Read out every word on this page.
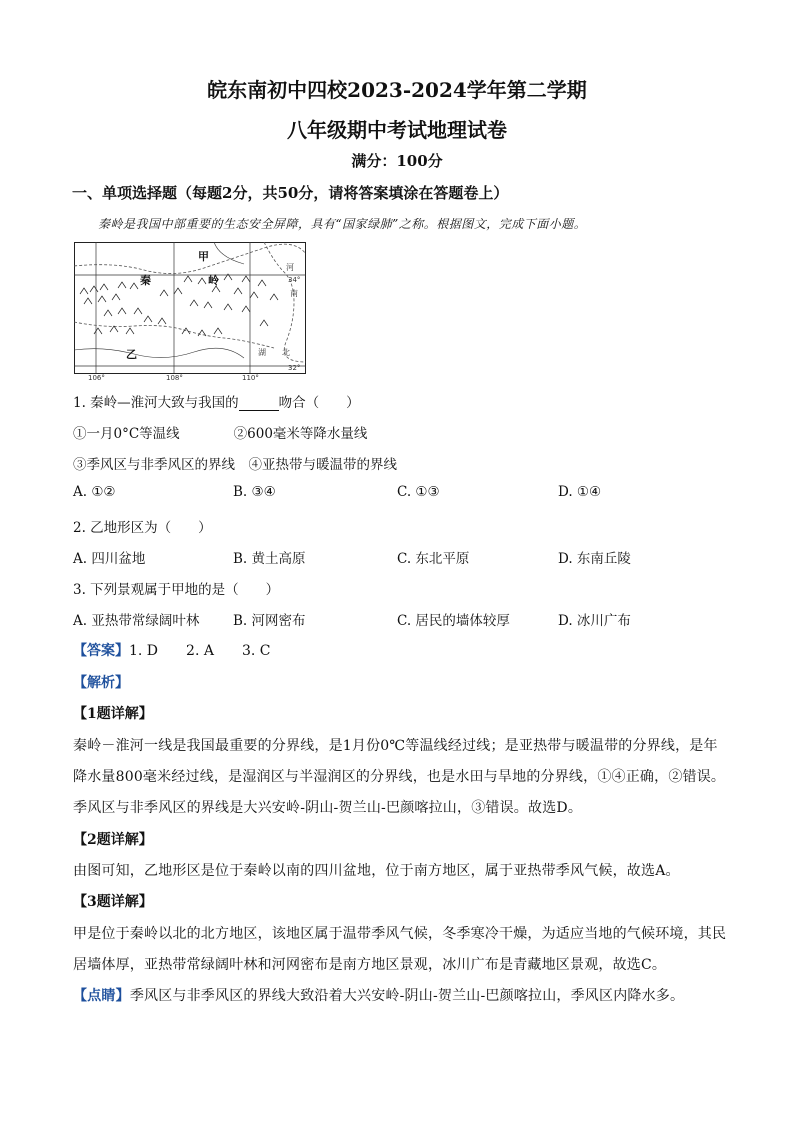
皖东南初中四校2023-2024学年第二学期
八年级期中考试地理试卷
满分：100分
一、单项选择题（每题2分，共50分，请将答案填涂在答题卷上）
秦岭是我国中部重要的生态安全屏障，具有“国家绿肺”之称。根据图文，完成下面小题。
甲
秦	岭
乙
河
南
湖 北
34°
32°
106°	108°	110°
1. 秦岭—淮河大致与我国的	吻合（　　）
①一月0°C等温线　　　　②600毫米等降水量线
③季风区与非季风区的界线　④亚热带与暖温带的界线
A. ①②	B. ③④	C. ①③	D. ①④
2. 乙地形区为（　　）
A. 四川盆地	B. 黄土高原	C. 东北平原	D. 东南丘陵
3. 下列景观属于甲地的是（　　）
A. 亚热带常绿阔叶林 B. 河网密布	C. 居民的墙体较厚	D. 冰川广布
【答案】1. D　　2. A　　3. C
【解析】
【1题详解】
秦岭－淮河一线是我国最重要的分界线，是1月份0℃等温线经过线；是亚热带与暖温带的分界线，是年
降水量800毫米经过线，是湿润区与半湿润区的分界线，也是水田与旱地的分界线，①④正确，②错误。
季风区与非季风区的界线是大兴安岭-阴山-贺兰山-巴颜喀拉山，③错误。故选D。
【2题详解】
由图可知，乙地形区是位于秦岭以南的四川盆地，位于南方地区，属于亚热带季风气候，故选A。
【3题详解】
甲是位于秦岭以北的北方地区，该地区属于温带季风气候，冬季寒冷干燥，为适应当地的气候环境，其民
居墙体厚，亚热带常绿阔叶林和河网密布是南方地区景观，冰川广布是青藏地区景观，故选C。
【点睛】季风区与非季风区的界线大致沿着大兴安岭-阴山-贺兰山-巴颜喀拉山，季风区内降水多。
